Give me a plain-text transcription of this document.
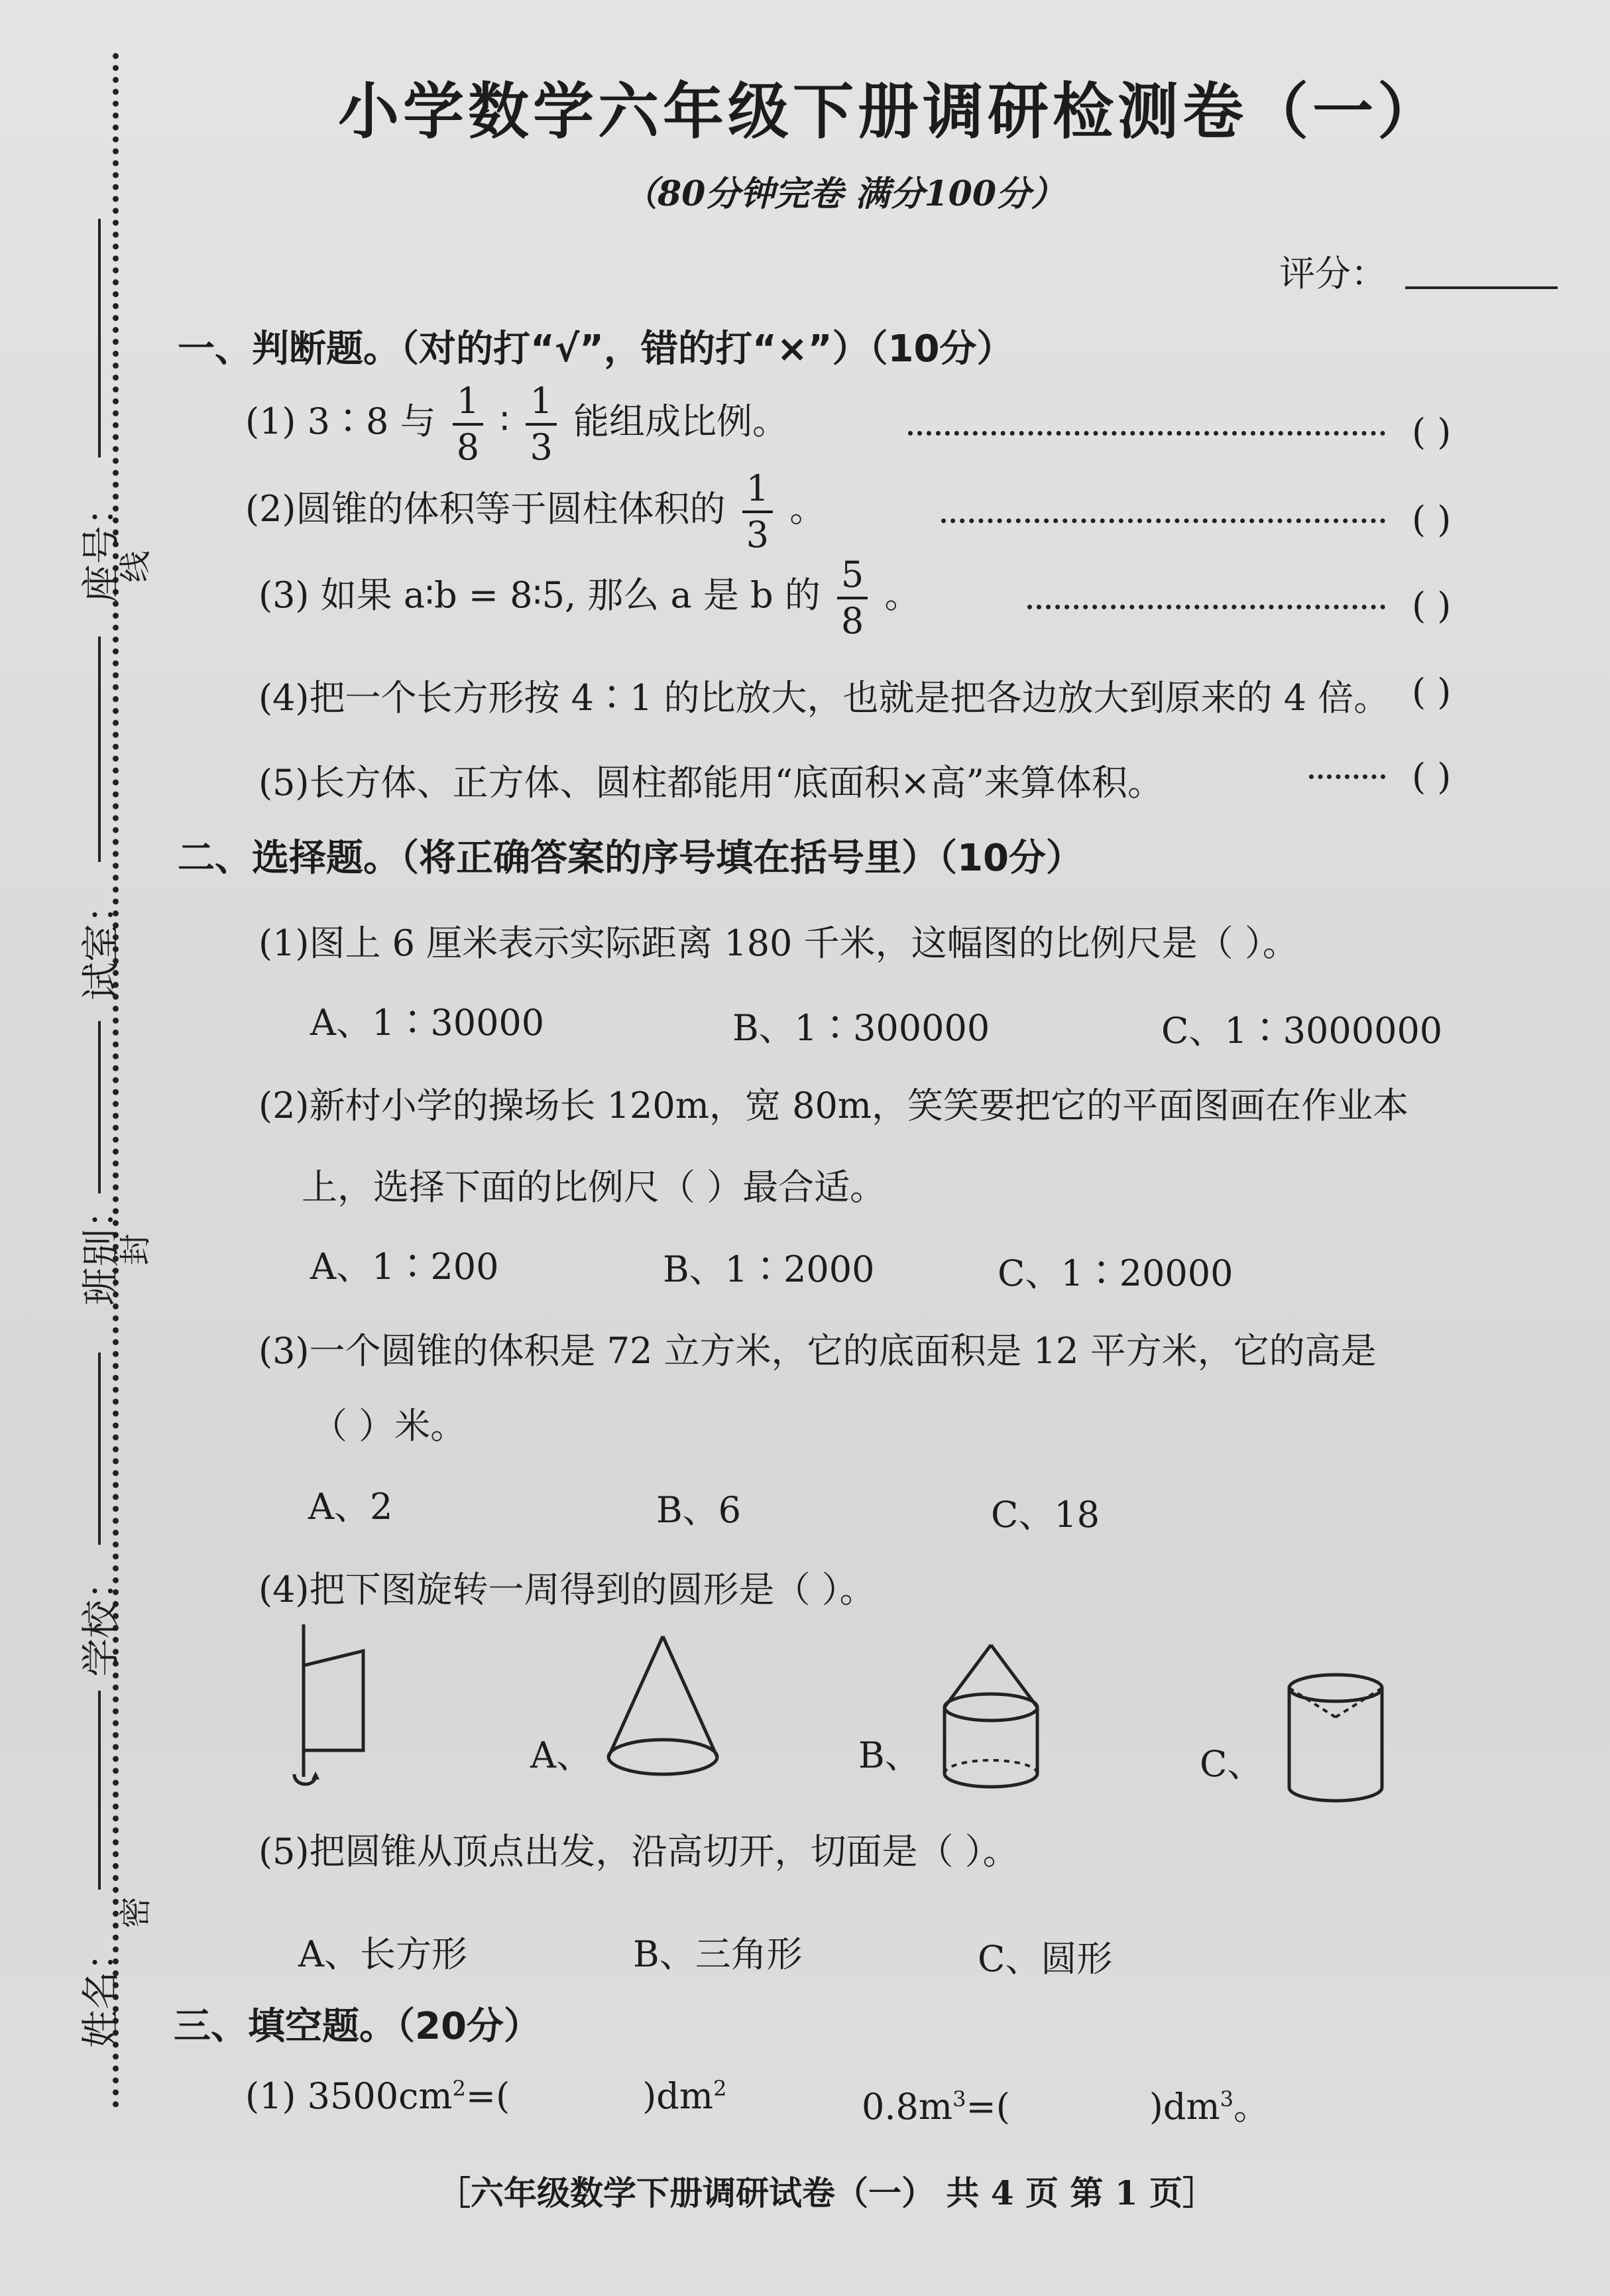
座号：
试室：
班别：
学校：
姓名：
线
封
密
小学数学六年级下册调研检测卷（一）
（80分钟完卷 满分100分）
评分：
一、判断题。（对的打“√”，错的打“×”）（10分）
(1) 3∶8 与 $\frac{1}{8}$ ∶ $\frac{1}{3}$ 能组成比例。	( )
(2)圆锥的体积等于圆柱体积的 $\frac{1}{3}$ 。	( )
(3) 如果 a∶b = 8∶5, 那么 a 是 b 的 $\frac{5}{8}$ 。	( )
(4)把一个长方形按 4∶1 的比放大，也就是把各边放大到原来的 4 倍。 ( )
(5)长方体、正方体、圆柱都能用“底面积×高”来算体积。	( )
二、选择题。（将正确答案的序号填在括号里）（10分）
(1)图上 6 厘米表示实际距离 180 千米，这幅图的比例尺是（ ）。
A、1∶30000	B、1∶300000	C、1∶3000000
(2)新村小学的操场长 120m，宽 80m，笑笑要把它的平面图画在作业本
上，选择下面的比例尺（ ）最合适。
A、1∶200	B、1∶2000	C、1∶20000
(3)一个圆锥的体积是 72 立方米，它的底面积是 12 平方米，它的高是
（ ）米。
A、2	B、6	C、18
(4)把下图旋转一周得到的圆形是（ ）。
A、	B、	C、
(5)把圆锥从顶点出发，沿高切开，切面是（ ）。
A、长方形	B、三角形	C、圆形
三、填空题。（20分）
(1) $3500cm^2=$(	)$dm^2$	$0.8m^3=$(	)$dm^3$。
［六年级数学下册调研试卷（一） 共 4 页 第 1 页］
